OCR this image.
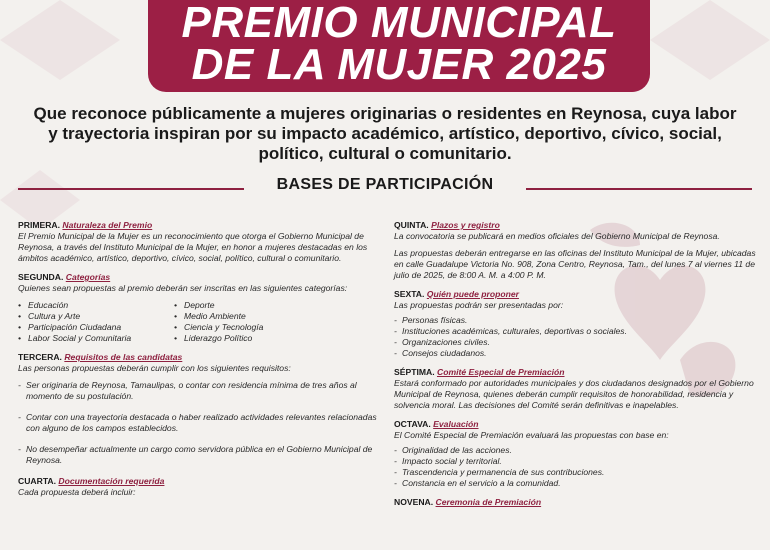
PREMIO MUNICIPAL
DE LA MUJER 2025
Que reconoce públicamente a mujeres originarias o residentes en Reynosa, cuya labor
y trayectoria inspiran por su impacto académico, artístico, deportivo, cívico, social,
político, cultural o comunitario.
BASES DE PARTICIPACIÓN
PRIMERA. Naturaleza del Premio
El Premio Municipal de la Mujer es un reconocimiento que otorga el Gobierno Municipal de Reynosa, a través del Instituto Municipal de la Mujer, en honor a mujeres destacadas en los ámbitos académico, artístico, deportivo, cívico, social, político, cultural o comunitario.
SEGUNDA. Categorías
Quienes sean propuestas al premio deberán ser inscritas en las siguientes categorías:
• Educación
• Cultura y Arte
• Participación Ciudadana
• Labor Social y Comunitaria
• Deporte
• Medio Ambiente
• Ciencia y Tecnología
• Liderazgo Político
TERCERA. Requisitos de las candidatas
Las personas propuestas deberán cumplir con los siguientes requisitos:
- Ser originaria de Reynosa, Tamaulipas, o contar con residencia mínima de tres años al momento de su postulación.
- Contar con una trayectoria destacada o haber realizado actividades relevantes relacionadas con alguno de los campos establecidos.
- No desempeñar actualmente un cargo como servidora pública en el Gobierno Municipal de Reynosa.
CUARTA. Documentación requerida
Cada propuesta deberá incluir:
QUINTA. Plazos y registro

La convocatoria se publicará en medios oficiales del Gobierno Municipal de Reynosa.

Las propuestas deberán entregarse en las oficinas del Instituto Municipal de la Mujer, ubicadas en calle Guadalupe Victoria No. 908, Zona Centro, Reynosa, Tam., del lunes 7 al viernes 11 de julio de 2025, de 8:00 A. M. a 4:00 P. M.

SEXTA. Quién puede proponer
Las propuestas podrán ser presentadas por:
- Personas físicas.
- Instituciones académicas, culturales, deportivas o sociales.
- Organizaciones civiles.
- Consejos ciudadanos.
SÉPTIMA. Comité Especial de Premiación
Estará conformado por autoridades municipales y dos ciudadanos designados por el Gobierno Municipal de Reynosa, quienes deberán cumplir requisitos de honorabilidad, residencia y solvencia moral. Las decisiones del Comité serán definitivas e inapelables.
OCTAVA. Evaluación
El Comité Especial de Premiación evaluará las propuestas con base en:
- Originalidad de las acciones.
- Impacto social y territorial.
- Trascendencia y permanencia de sus contribuciones.
- Constancia en el servicio a la comunidad.
NOVENA. Ceremonia de Premiación
